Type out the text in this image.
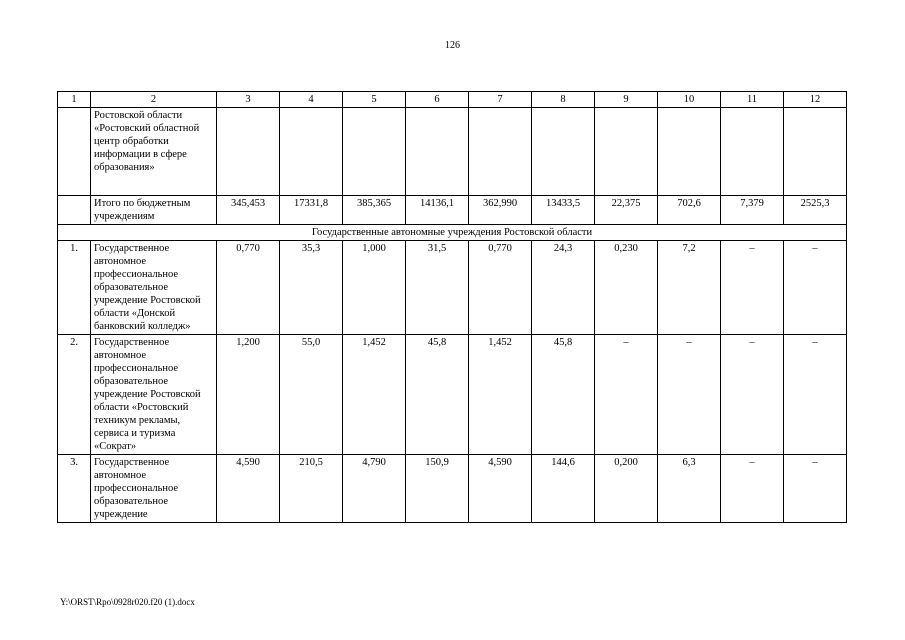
126
1	2	3	4	5	6	7	8	9	10	11	12
	Ростовской области «Ростовский областной центр обработки информации в сфере образования»										
	Итого по бюджетным учреждениям	345,453	17331,8	385,365	14136,1	362,990	13433,5	22,375	702,6	7,379	2525,3
Государственные автономные учреждения Ростовской области											
1.	Государственное автономное профессиональное образовательное учреждение Ростовской области «Донской банковский колледж»	0,770	35,3	1,000	31,5	0,770	24,3	0,230	7,2	–	–
2.	Государственное автономное профессиональное образовательное учреждение Ростовской области «Ростовский техникум рекламы, сервиса и туризма «Сократ»	1,200	55,0	1,452	45,8	1,452	45,8	–	–	–	–
3.	Государственное автономное профессиональное образовательное учреждение	4,590	210,5	4,790	150,9	4,590	144,6	0,200	6,3	–	–
Y:\ORST\Rpo\0928r020.f20 (1).docx
